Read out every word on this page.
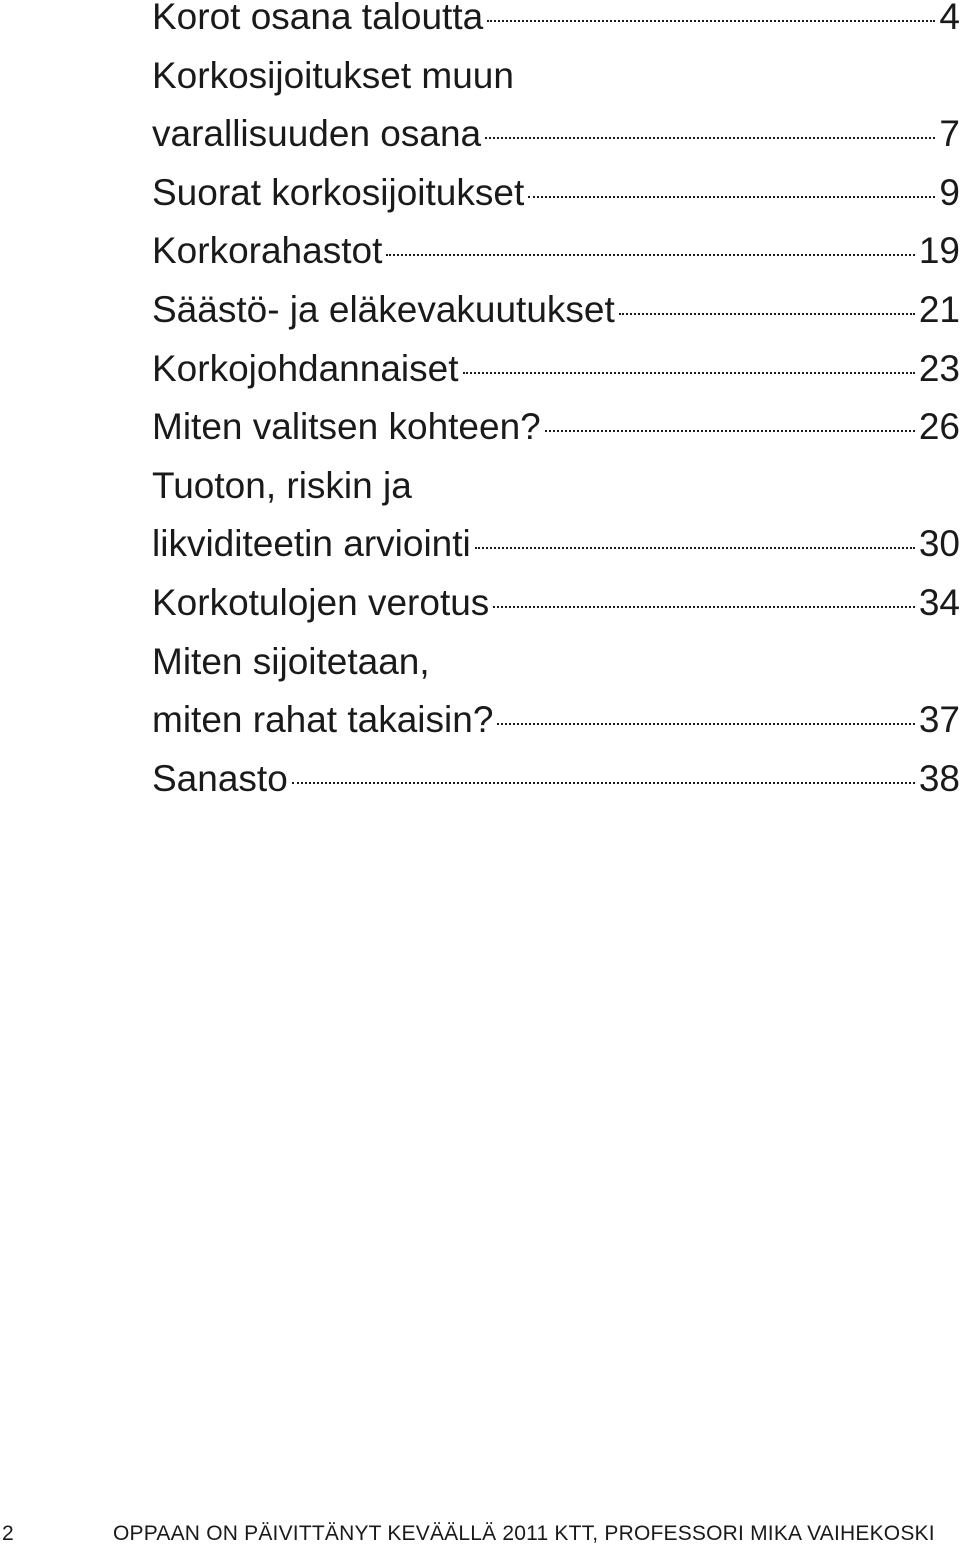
Korot osana taloutta	4
Korkosijoitukset muun
varallisuuden osana	7
Suorat korkosijoitukset	9
Korkorahastot	19
Säästö- ja eläkevakuutukset	21
Korkojohdannaiset	23
Miten valitsen kohteen?	26
Tuoton, riskin ja
likviditeetin arviointi	30
Korkotulojen verotus	34
Miten sijoitetaan,
miten rahat takaisin?	37
Sanasto	38
2	OPPAAN ON PÄIVITTÄNYT KEVÄÄLLÄ 2011 KTT, PROFESSORI MIKA VAIHEKOSKI
